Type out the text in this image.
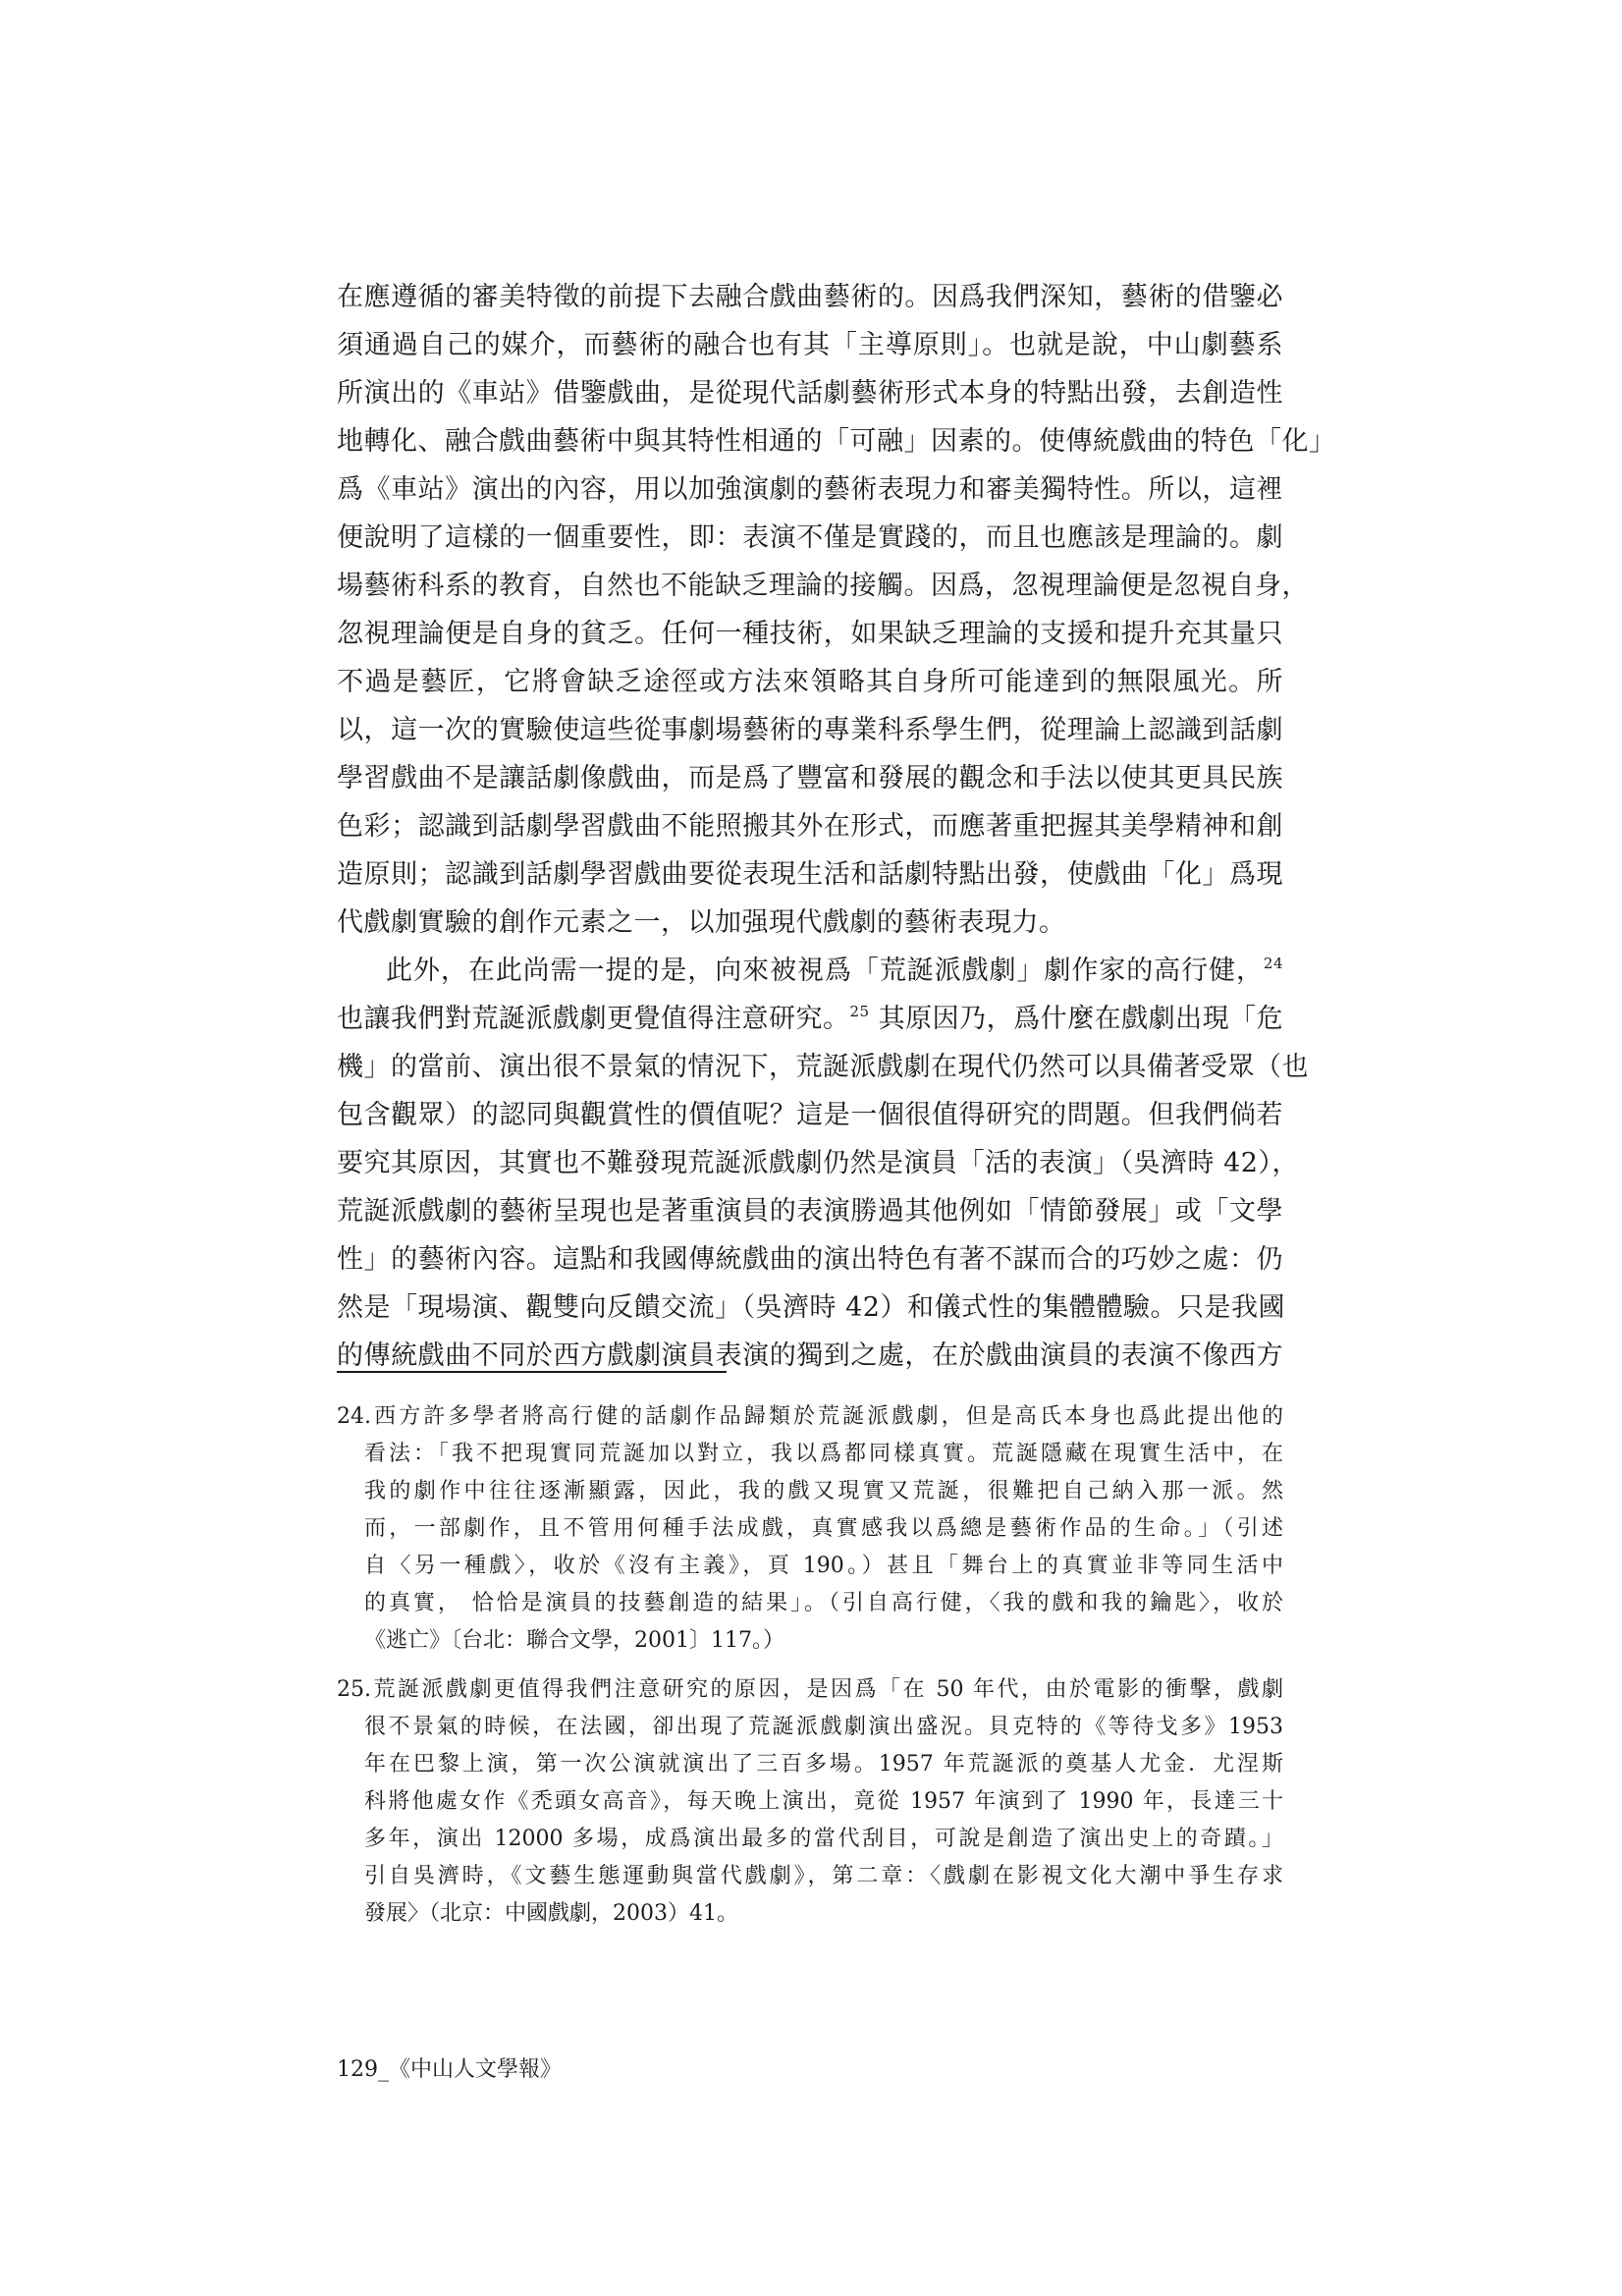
在應遵循的審美特徵的前提下去融合戲曲藝術的。因爲我們深知，藝術的借鑒必
須通過自己的媒介，而藝術的融合也有其「主導原則」。也就是說，中山劇藝系
所演出的《車站》借鑒戲曲，是從現代話劇藝術形式本身的特點出發，去創造性
地轉化、融合戲曲藝術中與其特性相通的「可融」因素的。使傳統戲曲的特色「化」
爲《車站》演出的內容，用以加強演劇的藝術表現力和審美獨特性。所以，這裡
便說明了這樣的一個重要性，即：表演不僅是實踐的，而且也應該是理論的。劇
場藝術科系的教育，自然也不能缺乏理論的接觸。因爲，忽視理論便是忽視自身，
忽視理論便是自身的貧乏。任何一種技術，如果缺乏理論的支援和提升充其量只
不過是藝匠，它將會缺乏途徑或方法來領略其自身所可能達到的無限風光。所
以，這一次的實驗使這些從事劇場藝術的專業科系學生們，從理論上認識到話劇
學習戲曲不是讓話劇像戲曲，而是爲了豐富和發展的觀念和手法以使其更具民族
色彩；認識到話劇學習戲曲不能照搬其外在形式，而應著重把握其美學精神和創
造原則；認識到話劇學習戲曲要從表現生活和話劇特點出發，使戲曲「化」爲現
代戲劇實驗的創作元素之一，以加强現代戲劇的藝術表現力。
此外，在此尚需一提的是，向來被視爲「荒誕派戲劇」劇作家的高行健，$^{24}$
也讓我們對荒誕派戲劇更覺值得注意研究。$^{25}$ 其原因乃，爲什麼在戲劇出現「危
機」的當前、演出很不景氣的情況下，荒誕派戲劇在現代仍然可以具備著受眾（也
包含觀眾）的認同與觀賞性的價值呢？這是一個很值得研究的問題。但我們倘若
要究其原因，其實也不難發現荒誕派戲劇仍然是演員「活的表演」（吳濟時 42），
荒誕派戲劇的藝術呈現也是著重演員的表演勝過其他例如「情節發展」或「文學
性」的藝術內容。這點和我國傳統戲曲的演出特色有著不謀而合的巧妙之處：仍
然是「現場演、觀雙向反饋交流」（吳濟時 42）和儀式性的集體體驗。只是我國
的傳統戲曲不同於西方戲劇演員表演的獨到之處，在於戲曲演員的表演不像西方
24.西方許多學者將高行健的話劇作品歸類於荒誕派戲劇，但是高氏本身也爲此提出他的
看法：「我不把現實同荒誕加以對立，我以爲都同樣真實。荒誕隱藏在現實生活中，在
我的劇作中往往逐漸顯露，因此，我的戲又現實又荒誕，很難把自己納入那一派。然
而，一部劇作，且不管用何種手法成戲，真實感我以爲總是藝術作品的生命。」（引述
自〈另一種戲〉，收於《沒有主義》，頁 190。）甚且「舞台上的真實並非等同生活中
的真實， 恰恰是演員的技藝創造的結果」。（引自高行健，〈我的戲和我的鑰匙〉，收於
《逃亡》〔台北：聯合文學，2001〕117。）
25.荒誕派戲劇更值得我們注意研究的原因，是因爲「在 50 年代，由於電影的衝擊，戲劇
很不景氣的時候，在法國，卻出現了荒誕派戲劇演出盛況。貝克特的《等待戈多》1953
年在巴黎上演，第一次公演就演出了三百多場。1957 年荒誕派的奠基人尤金．尤涅斯
科將他處女作《禿頭女高音》，每天晚上演出，竟從 1957 年演到了 1990 年，長達三十
多年，演出 12000 多場，成爲演出最多的當代刮目，可說是創造了演出史上的奇蹟。」
引自吳濟時，《文藝生態運動與當代戲劇》，第二章：〈戲劇在影視文化大潮中爭生存求
發展〉（北京：中國戲劇，2003）41。
129_《中山人文學報》
